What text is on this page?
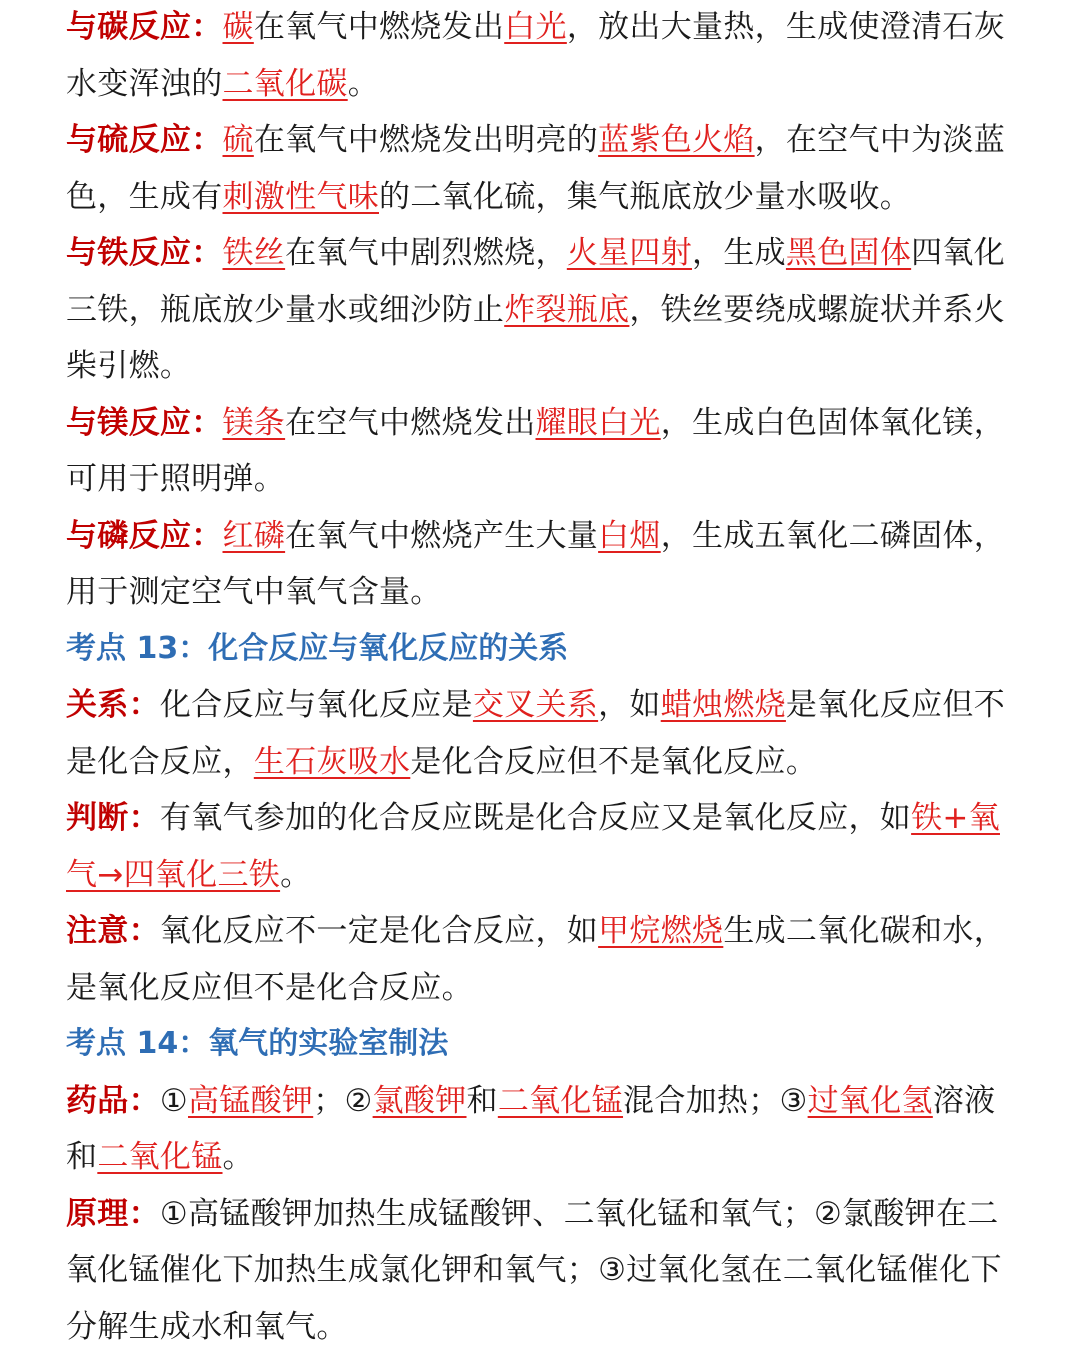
与碳反应：碳在氧气中燃烧发出白光，放出大量热，生成使澄清石灰水变浑浊的二氧化碳。

与硫反应：硫在氧气中燃烧发出明亮的蓝紫色火焰，在空气中为淡蓝色，生成有刺激性气味的二氧化硫，集气瓶底放少量水吸收。

与铁反应：铁丝在氧气中剧烈燃烧，火星四射，生成黑色固体四氧化三铁，瓶底放少量水或细沙防止炸裂瓶底，铁丝要绕成螺旋状并系火柴引燃。

与镁反应：镁条在空气中燃烧发出耀眼白光，生成白色固体氧化镁，可用于照明弹。

与磷反应：红磷在氧气中燃烧产生大量白烟，生成五氧化二磷固体，用于测定空气中氧气含量。

考点 13：化合反应与氧化反应的关系

关系：化合反应与氧化反应是交叉关系，如蜡烛燃烧是氧化反应但不是化合反应，生石灰吸水是化合反应但不是氧化反应。

判断：有氧气参加的化合反应既是化合反应又是氧化反应，如铁+氧气→四氧化三铁。

注意：氧化反应不一定是化合反应，如甲烷燃烧生成二氧化碳和水，是氧化反应但不是化合反应。

考点 14：氧气的实验室制法

药品：①高锰酸钾；②氯酸钾和二氧化锰混合加热；③过氧化氢溶液和二氧化锰。

原理：①高锰酸钾加热生成锰酸钾、二氧化锰和氧气；②氯酸钾在二氧化锰催化下加热生成氯化钾和氧气；③过氧化氢在二氧化锰催化下分解生成水和氧气。
